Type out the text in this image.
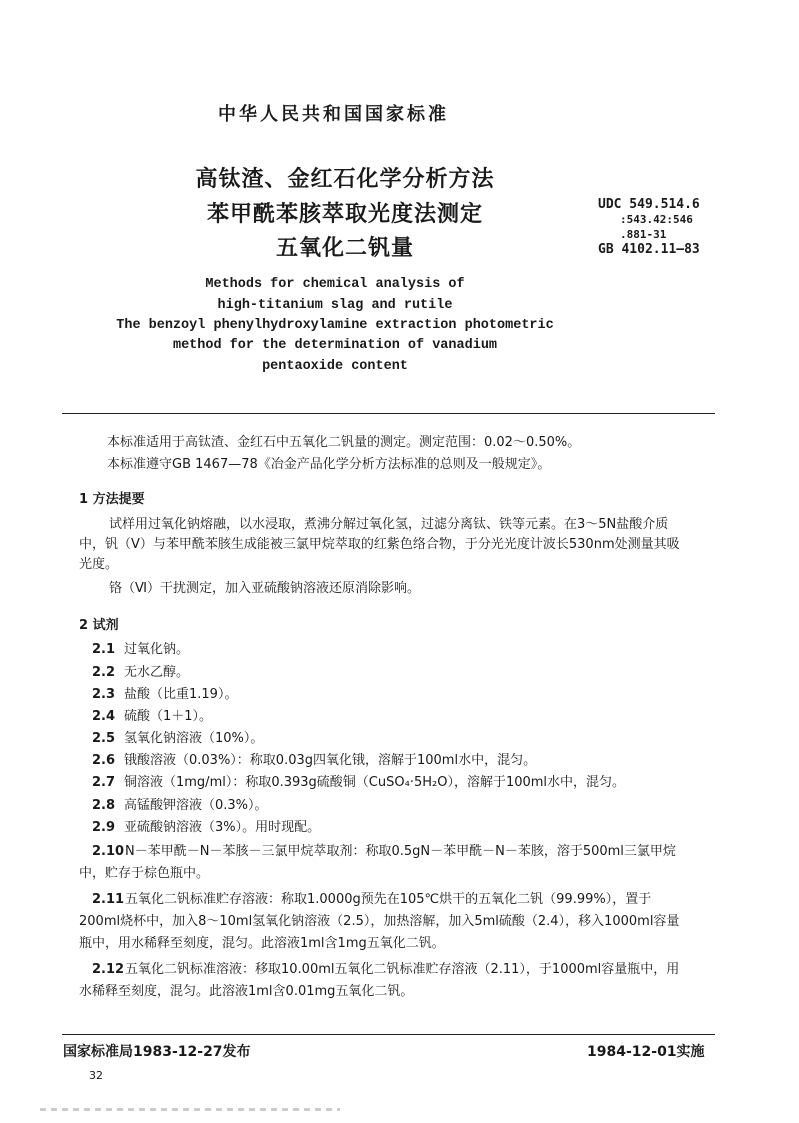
中华人民共和国国家标准
高钛渣、金红石化学分析方法
苯甲酰苯胲萃取光度法测定
五氧化二钒量
UDC 549.514.6
:543.42:546
.881-31
GB 4102.11—83
Methods for chemical analysis of
high-titanium slag and rutile
The benzoyl phenylhydroxylamine extraction photometric
method for the determination of vanadium
pentaoxide content
本标准适用于高钛渣、金红石中五氧化二钒量的测定。测定范围：0.02～0.50%。
本标准遵守GB 1467—78《冶金产品化学分析方法标准的总则及一般规定》。
1 方法提要
试样用过氧化钠熔融，以水浸取，煮沸分解过氧化氢，过滤分离钛、铁等元素。在3～5N盐酸介质中，钒（Ⅴ）与苯甲酰苯胲生成能被三氯甲烷萃取的红紫色络合物，于分光光度计波长530nm处测量其吸光度。
铬（Ⅵ）干扰测定，加入亚硫酸钠溶液还原消除影响。
2 试剂
2.1 过氧化钠。
2.2 无水乙醇。
2.3 盐酸（比重1.19）。
2.4 硫酸（1＋1）。
2.5 氢氧化钠溶液（10%）。
2.6 锇酸溶液（0.03%）：称取0.03g四氧化锇，溶解于100ml水中，混匀。
2.7 铜溶液（1mg/ml）：称取0.393g硫酸铜（CuSO₄·5H₂O），溶解于100ml水中，混匀。
2.8 高锰酸钾溶液（0.3%）。
2.9 亚硫酸钠溶液（3%）。用时现配。
2.10N－苯甲酰－N－苯胲－三氯甲烷萃取剂：称取0.5gN－苯甲酰－N－苯胲，溶于500ml三氯甲烷中，贮存于棕色瓶中。
2.11五氧化二钒标准贮存溶液：称取1.0000g预先在105℃烘干的五氧化二钒（99.99%），置于200ml烧杯中，加入8～10ml氢氧化钠溶液（2.5），加热溶解，加入5ml硫酸（2.4），移入1000ml容量瓶中，用水稀释至刻度，混匀。此溶液1ml含1mg五氧化二钒。
2.12五氧化二钒标准溶液：移取10.00ml五氧化二钒标准贮存溶液（2.11），于1000ml容量瓶中，用水稀释至刻度，混匀。此溶液1ml含0.01mg五氧化二钒。
国家标准局1983-12-27发布	1984-12-01实施
32
